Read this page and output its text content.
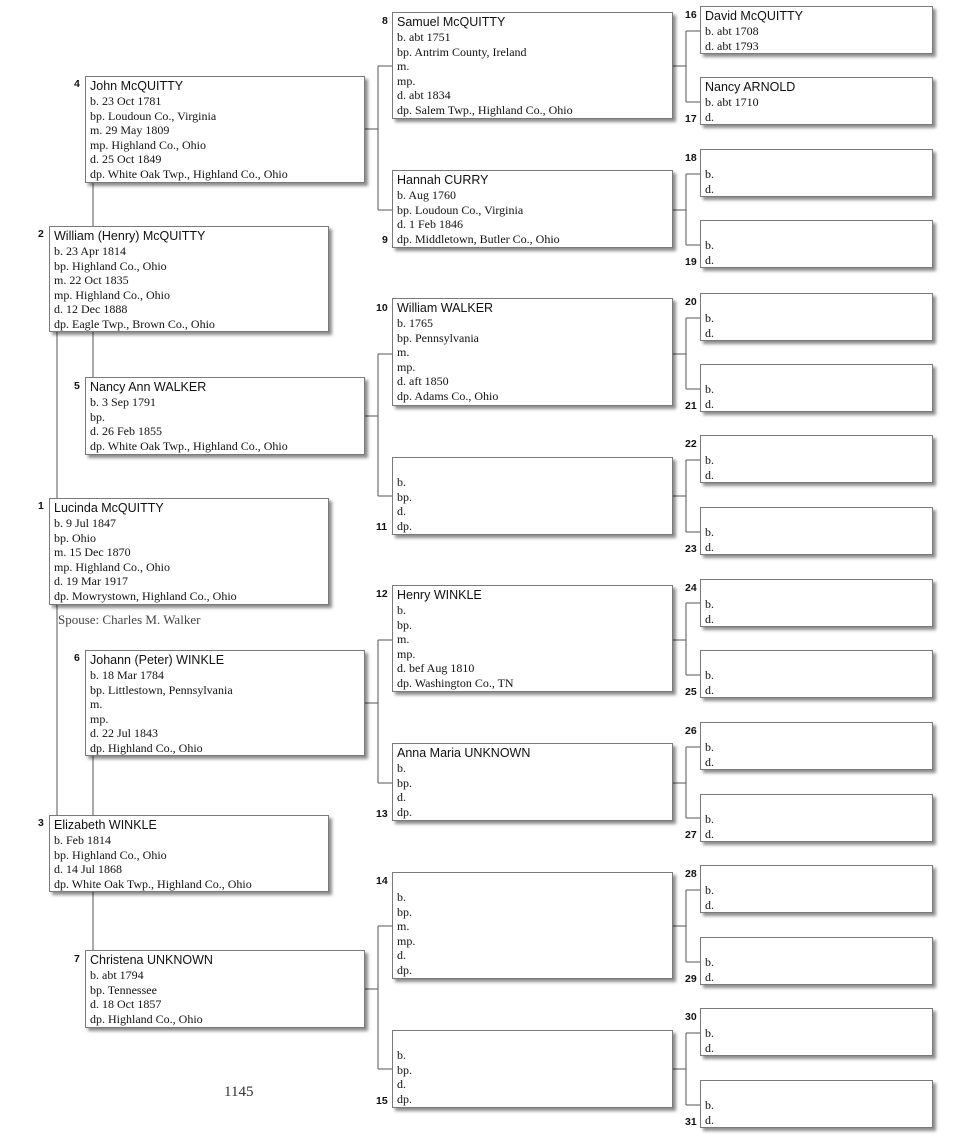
1 Lucinda McQUITTY
b. 9 Jul 1847
bp. Ohio
m. 15 Dec 1870
mp. Highland Co., Ohio
d. 19 Mar 1917
dp. Mowrystown, Highland Co., Ohio
2 William (Henry) McQUITTY
b. 23 Apr 1814
bp. Highland Co., Ohio
m. 22 Oct 1835
mp. Highland Co., Ohio
d. 12 Dec 1888
dp. Eagle Twp., Brown Co., Ohio
3 Elizabeth WINKLE
b. Feb 1814
bp. Highland Co., Ohio
d. 14 Jul 1868
dp. White Oak Twp., Highland Co., Ohio
4 John McQUITTY
b. 23 Oct 1781
bp. Loudoun Co., Virginia
m. 29 May 1809
mp. Highland Co., Ohio
d. 25 Oct 1849
dp. White Oak Twp., Highland Co., Ohio
5 Nancy Ann WALKER
b. 3 Sep 1791
bp.
d. 26 Feb 1855
dp. White Oak Twp., Highland Co., Ohio
6 Johann (Peter) WINKLE
b. 18 Mar 1784
bp. Littlestown, Pennsylvania
m.
mp.
d. 22 Jul 1843
dp. Highland Co., Ohio
7 Christena UNKNOWN
b. abt 1794
bp. Tennessee
d. 18 Oct 1857
dp. Highland Co., Ohio
8 Samuel McQUITTY
b. abt 1751
bp. Antrim County, Ireland
m.
mp.
d. abt 1834
dp. Salem Twp., Highland Co., Ohio
9
Hannah CURRY
b. Aug 1760
bp. Loudoun Co., Virginia
d. 1 Feb 1846
dp. Middletown, Butler Co., Ohio
10 William WALKER
b. 1765
bp. Pennsylvania
m.
mp.
d. aft 1850
dp. Adams Co., Ohio
11
b.
bp.
d.
dp.
12 Henry WINKLE
b.
bp.
m.
mp.
d. bef Aug 1810
dp. Washington Co., TN
13
Anna Maria UNKNOWN
b.
bp.
d.
dp.
14
b.
bp.
m.
mp.
d.
dp.
15
b.
bp.
d.
dp.
16 David McQUITTY
b. abt 1708
d. abt 1793
17
Nancy ARNOLD
b. abt 1710
d.
18
b.
d.
19
b.
d.
20
b.
d.
21
b.
d.
22
b.
d.
23
b.
d.
24
b.
d.
25
b.
d.
26
b.
d.
27
b.
d.
28
b.
d.
29
b.
d.
30
b.
d.
31
b.
d.
Spouse: Charles M. Walker
1145
